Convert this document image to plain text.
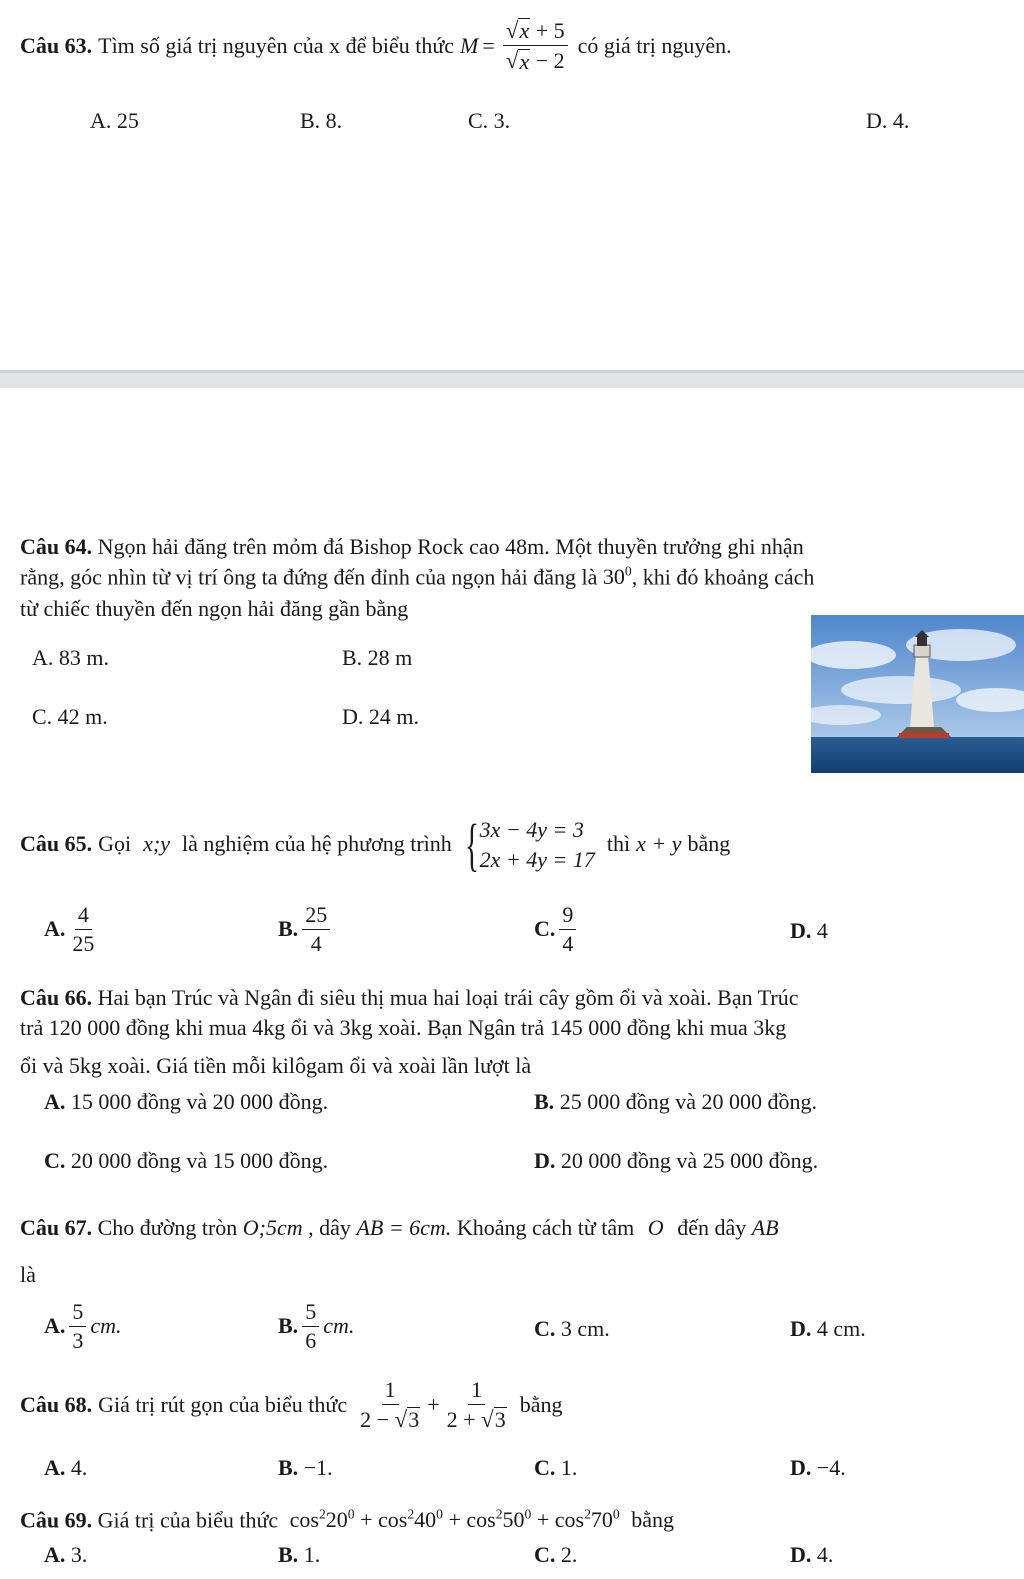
Câu 63. Tìm số giá trị nguyên của x để biểu thức $M = \frac{√ x + 5}{√ x - 2}$ có giá trị nguyên.
A. 25	B. 8.	C. 3.	D. 4.
Câu 64. Ngọn hải đăng trên mỏm đá Bishop Rock cao 48m. Một thuyền trưởng ghi nhận
rằng, góc nhìn từ vị trí ông ta đứng đến đỉnh của ngọn hải đăng là $30^0$, khi đó khoảng cách
từ chiếc thuyền đến ngọn hải đăng gần bằng
A. 83 m.	B. 28 m
C. 42 m.	D. 24 m.
Câu 65. Gọi x;y là nghiệm của hệ phương trình { 3x − 4y = 3
2x + 4y = 17
thì x + y bằng
A. $\frac{4}{25}$	B. $\frac{25}{4}$	C. $\frac{9}{4}$	D. 4
Câu 66. Hai bạn Trúc và Ngân đi siêu thị mua hai loại trái cây gồm ổi và xoài. Bạn Trúc
trả 120 000 đồng khi mua 4kg ổi và 3kg xoài. Bạn Ngân trả 145 000 đồng khi mua 3kg
ổi và 5kg xoài. Giá tiền mỗi kilôgam ổi và xoài lần lượt là
A. 15 000 đồng và 20 000 đồng.	B. 25 000 đồng và 20 000 đồng.
C. 20 000 đồng và 15 000 đồng.	D. 20 000 đồng và 25 000 đồng.
Câu 67. Cho đường tròn O;5cm , dây AB = 6cm. Khoảng cách từ tâm O đến dây AB
là
A. $\frac{5}{3}$ cm.	B. $\frac{5}{6}$ cm.	C. 3 cm.	D. 4 cm.
Câu 68. Giá trị rút gọn của biểu thức $\frac{1}{2 - √ 3} + \frac{1}{2 + √ 3}$ bằng
A. 4.	B. −1.	C. 1.	D. −4.
Câu 69. Giá trị của biểu thức $\cos^220^0 + \cos^240^0 + \cos^250^0 + \cos^270^0$ bằng
A. 3.	B. 1.	C. 2.	D. 4.
